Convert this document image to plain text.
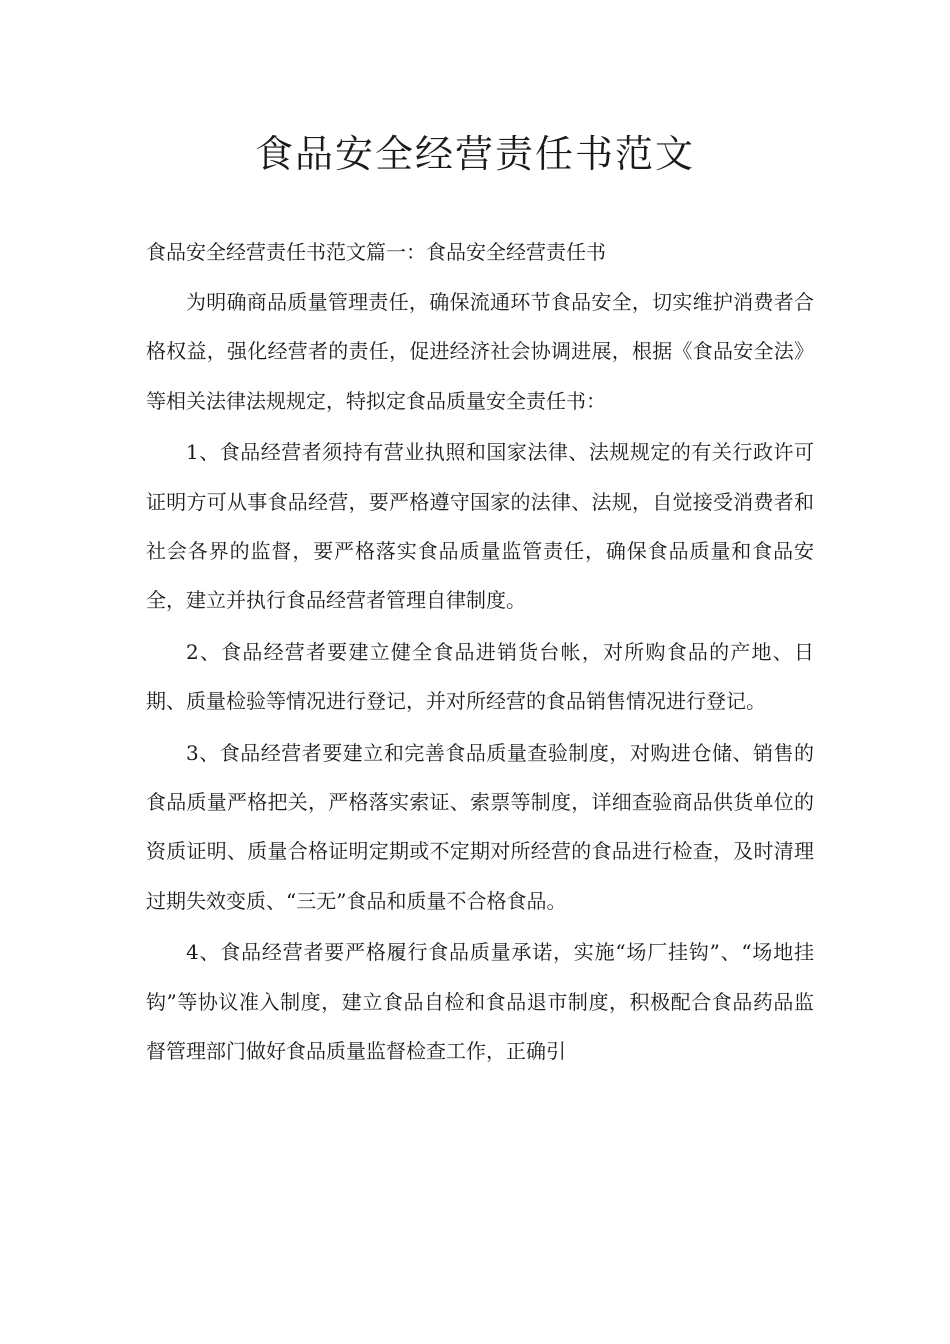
食品安全经营责任书范文

食品安全经营责任书范文篇一：食品安全经营责任书

为明确商品质量管理责任，确保流通环节食品安全，切实维护消费者合格权益，强化经营者的责任，促进经济社会协调进展，根据《食品安全法》等相关法律法规规定，特拟定食品质量安全责任书：

1、食品经营者须持有营业执照和国家法律、法规规定的有关行政许可证明方可从事食品经营，要严格遵守国家的法律、法规，自觉接受消费者和社会各界的监督，要严格落实食品质量监管责任，确保食品质量和食品安全，建立并执行食品经营者管理自律制度。

2、食品经营者要建立健全食品进销货台帐，对所购食品的产地、日期、质量检验等情况进行登记，并对所经营的食品销售情况进行登记。

3、食品经营者要建立和完善食品质量查验制度，对购进仓储、销售的食品质量严格把关，严格落实索证、索票等制度，详细查验商品供货单位的资质证明、质量合格证明定期或不定期对所经营的食品进行检查，及时清理过期失效变质、“三无”食品和质量不合格食品。

4、食品经营者要严格履行食品质量承诺，实施“场厂挂钩”、“场地挂钩”等协议准入制度，建立食品自检和食品退市制度，积极配合食品药品监督管理部门做好食品质量监督检查工作，正确引
